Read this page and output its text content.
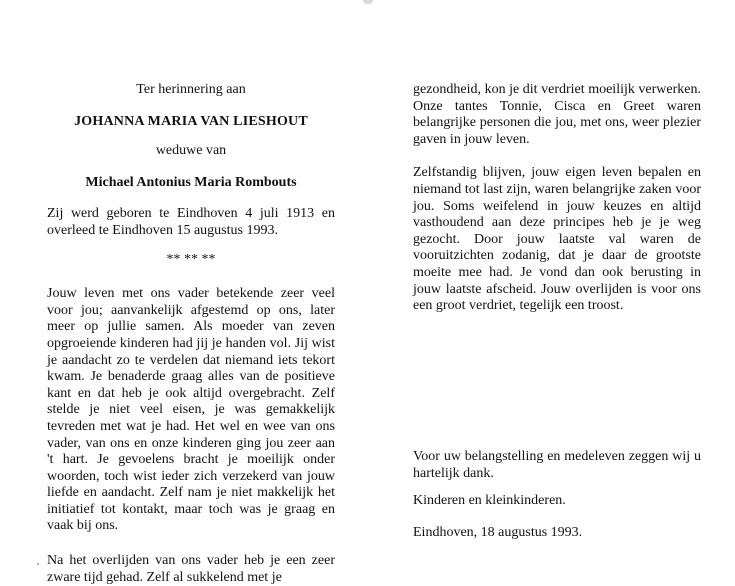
Ter herinnering aan

JOHANNA MARIA VAN LIESHOUT

weduwe van

Michael Antonius Maria Rombouts

Zij werd geboren te Eindhoven 4 juli 1913 en overleed te Eindhoven 15 augustus 1993.

** ** **

Jouw leven met ons vader betekende zeer veel voor jou; aanvankelijk afgestemd op ons, later meer op jullie samen. Als moeder van zeven opgroeiende kinderen had jij je handen vol. Jij wist je aandacht zo te verdelen dat niemand iets tekort kwam. Je benaderde graag alles van de positieve kant en dat heb je ook altijd overgebracht. Zelf stelde je niet veel eisen, je was gemakkelijk tevreden met wat je had. Het wel en wee van ons vader, van ons en onze kinderen ging jou zeer aan 't hart. Je gevoelens bracht je moeilijk onder woorden, toch wist ieder zich verzekerd van jouw liefde en aandacht. Zelf nam je niet makkelijk het initiatief tot kontakt, maar toch was je graag en vaak bij ons.

Na het overlijden van ons vader heb je een zeer zware tijd gehad. Zelf al sukkelend met je

gezondheid, kon je dit verdriet moeilijk verwerken. Onze tantes Tonnie, Cisca en Greet waren belangrijke personen die jou, met ons, weer plezier gaven in jouw leven.

Zelfstandig blijven, jouw eigen leven bepalen en niemand tot last zijn, waren belangrijke zaken voor jou. Soms weifelend in jouw keuzes en altijd vasthoudend aan deze principes heb je je weg gezocht. Door jouw laatste val waren de vooruitzichten zodanig, dat je daar de grootste moeite mee had. Je vond dan ook berusting in jouw laatste afscheid. Jouw overlijden is voor ons een groot verdriet, tegelijk een troost.

Voor uw belangstelling en medeleven zeggen wij u hartelijk dank.

Kinderen en kleinkinderen.

Eindhoven, 18 augustus 1993.
